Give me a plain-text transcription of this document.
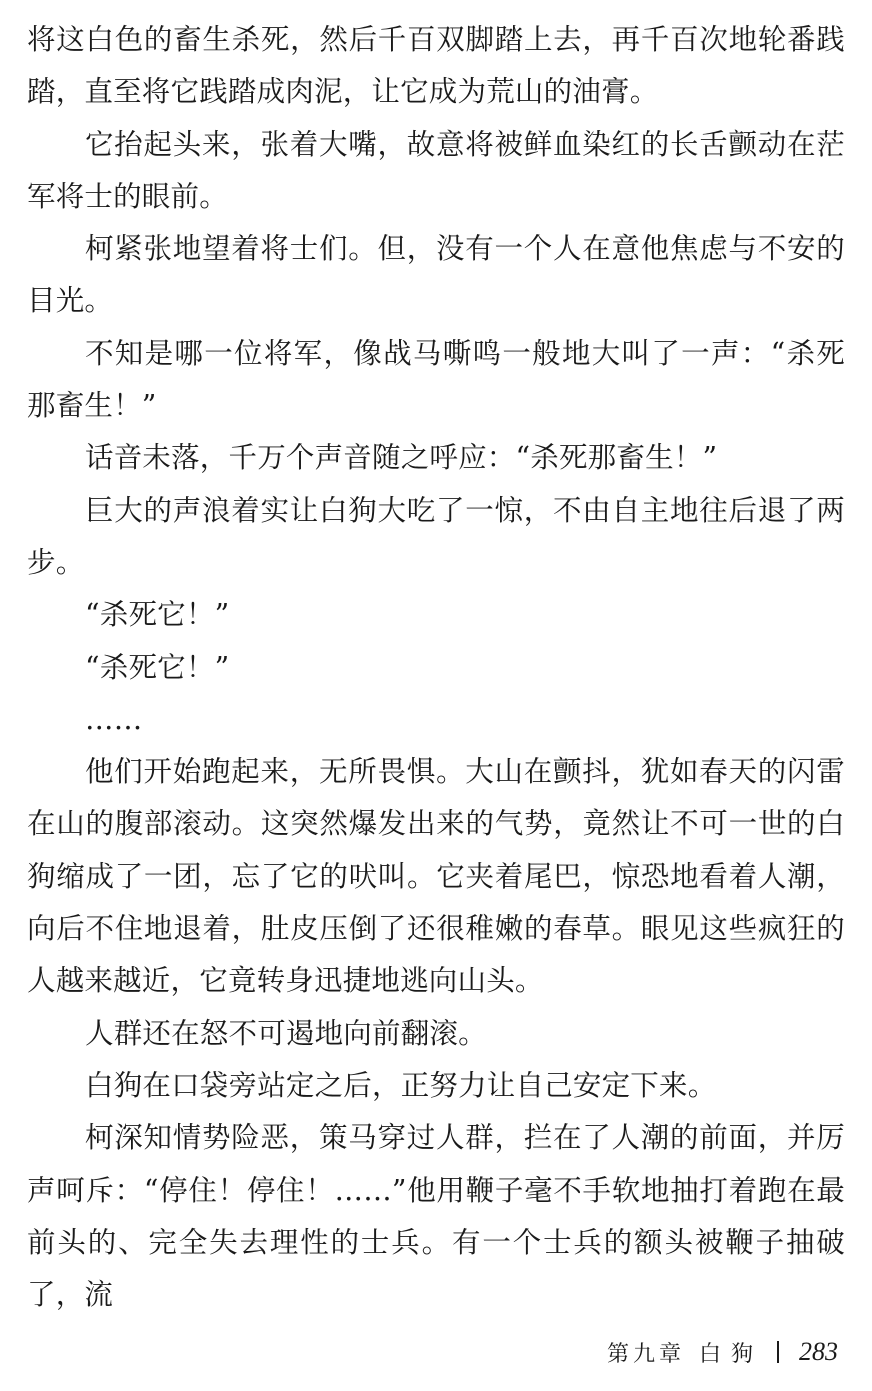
将这白色的畜生杀死，然后千百双脚踏上去，再千百次地轮番践踏，直至将它践踏成肉泥，让它成为荒山的油膏。

它抬起头来，张着大嘴，故意将被鲜血染红的长舌颤动在茫军将士的眼前。

柯紧张地望着将士们。但，没有一个人在意他焦虑与不安的目光。

不知是哪一位将军，像战马嘶鸣一般地大叫了一声：“杀死那畜生！”

话音未落，千万个声音随之呼应：“杀死那畜生！”

巨大的声浪着实让白狗大吃了一惊，不由自主地往后退了两步。

“杀死它！”

“杀死它！”

……

他们开始跑起来，无所畏惧。大山在颤抖，犹如春天的闪雷在山的腹部滚动。这突然爆发出来的气势，竟然让不可一世的白狗缩成了一团，忘了它的吠叫。它夹着尾巴，惊恐地看着人潮，向后不住地退着，肚皮压倒了还很稚嫩的春草。眼见这些疯狂的人越来越近，它竟转身迅捷地逃向山头。

人群还在怒不可遏地向前翻滚。

白狗在口袋旁站定之后，正努力让自己安定下来。

柯深知情势险恶，策马穿过人群，拦在了人潮的前面，并厉声呵斥：“停住！停住！……”他用鞭子毫不手软地抽打着跑在最前头的、完全失去理性的士兵。有一个士兵的额头被鞭子抽破了，流

第九章 白狗 283
